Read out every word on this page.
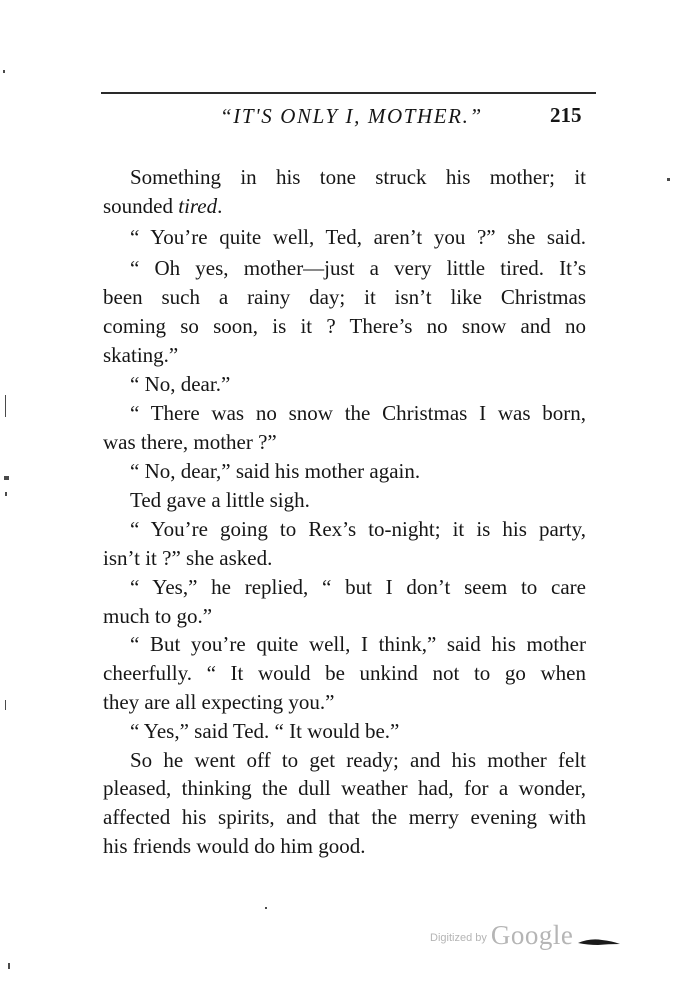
“IT'S ONLY I, MOTHER.”	215
Something in his tone struck his mother; it
sounded tired.
“ You’re quite well, Ted, aren’t you ?” she said.
“ Oh yes, mother—just a very little tired. It’s
been such a rainy day; it isn’t like Christmas
coming so soon, is it ? There’s no snow and no
skating.”
“ No, dear.”
“ There was no snow the Christmas I was born,
was there, mother ?”
“ No, dear,” said his mother again.
Ted gave a little sigh.
“ You’re going to Rex’s to-night; it is his party,
isn’t it ?” she asked.
“ Yes,” he replied, “ but I don’t seem to care
much to go.”
“ But you’re quite well, I think,” said his mother
cheerfully. “ It would be unkind not to go when
they are all expecting you.”
“ Yes,” said Ted. “ It would be.”
So he went off to get ready; and his mother felt
pleased, thinking the dull weather had, for a wonder,
affected his spirits, and that the merry evening with
his friends would do him good.
Digitized by Google
